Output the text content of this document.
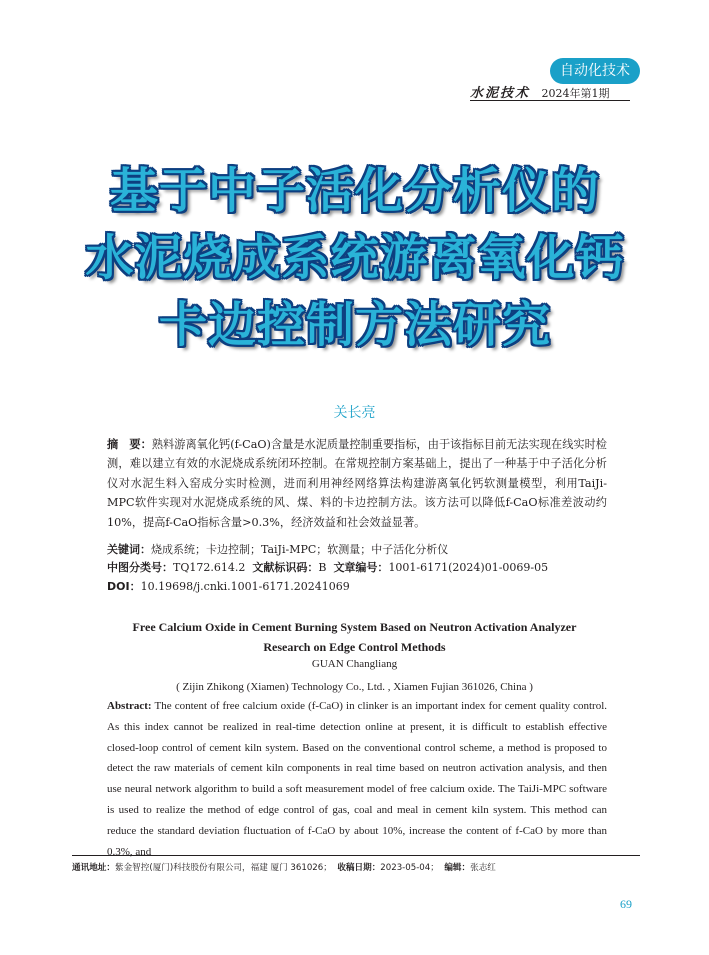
自动化技术
水泥技术 2024年第1期
基于中子活化分析仪的
水泥烧成系统游离氧化钙
卡边控制方法研究
关长亮
摘　要：熟料游离氧化钙(f-CaO)含量是水泥质量控制重要指标，由于该指标目前无法实现在线实时检测，难以建立有效的水泥烧成系统闭环控制。在常规控制方案基础上，提出了一种基于中子活化分析仪对水泥生料入窑成分实时检测，进而利用神经网络算法构建游离氧化钙软测量模型，利用TaiJi-MPC软件实现对水泥烧成系统的风、煤、料的卡边控制方法。该方法可以降低f-CaO标准差波动约10%，提高f-CaO指标含量>0.3%，经济效益和社会效益显著。
关键词：烧成系统；卡边控制；TaiJi-MPC；软测量；中子活化分析仪
中图分类号：TQ172.614.2 文献标识码：B 文章编号：1001-6171(2024)01-0069-05
DOI：10.19698/j.cnki.1001-6171.20241069
Free Calcium Oxide in Cement Burning System Based on Neutron Activation Analyzer
Research on Edge Control Methods
GUAN Changliang
( Zijin Zhikong (Xiamen) Technology Co., Ltd. , Xiamen Fujian 361026, China )
Abstract: The content of free calcium oxide (f-CaO) in clinker is an important index for cement quality control. As this index cannot be realized in real-time detection online at present, it is difficult to establish effective closed-loop control of cement kiln system. Based on the conventional control scheme, a method is proposed to detect the raw materials of cement kiln components in real time based on neutron activation analysis, and then use neural network algorithm to build a soft measurement model of free calcium oxide. The TaiJi-MPC software is used to realize the method of edge control of gas, coal and meal in cement kiln system. This method can reduce the standard deviation fluctuation of f-CaO by about 10%, increase the content of f-CaO by more than 0.3%, and
通讯地址：紫金智控(厦门)科技股份有限公司，福建 厦门 361026； 收稿日期：2023-05-04； 编辑：张志红
69
